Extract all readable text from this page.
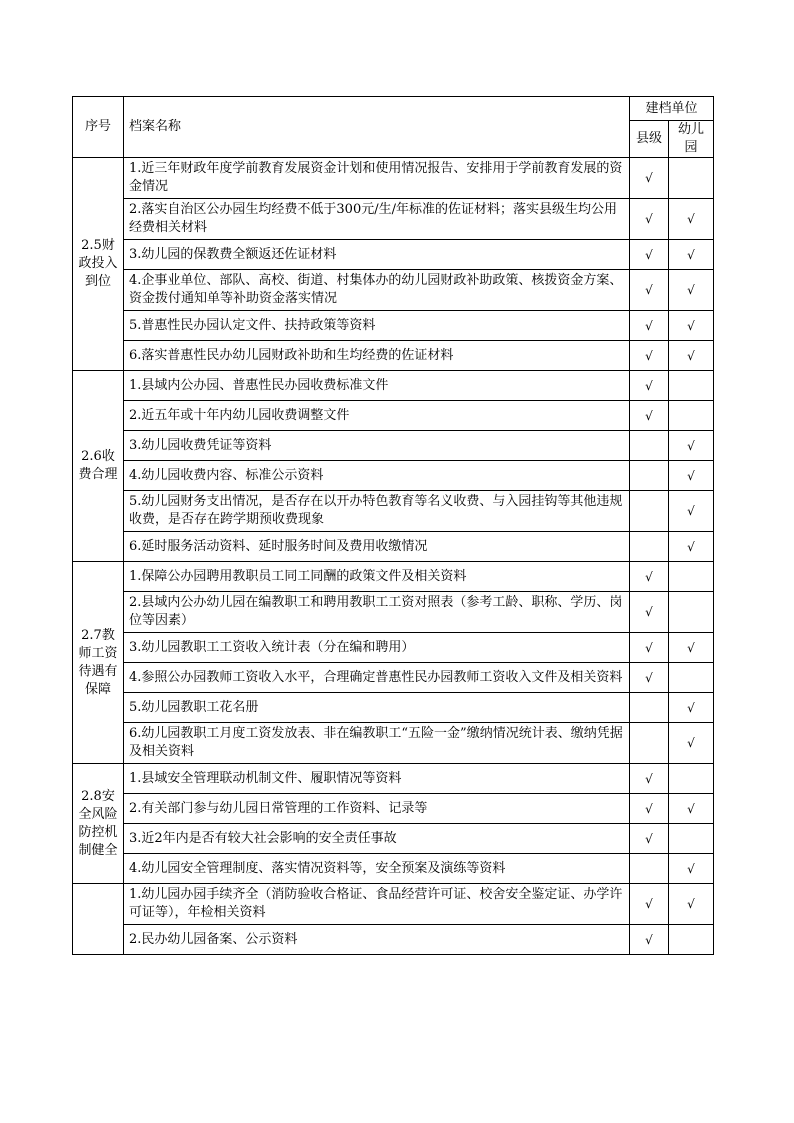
序号	档案名称	建档单位	
		县级	幼儿园
2.5财政投入到位	1.近三年财政年度学前教育发展资金计划和使用情况报告、安排用于学前教育发展的资金情况	√	
	2.落实自治区公办园生均经费不低于300元/生/年标准的佐证材料；落实县级生均公用经费相关材料	√	√
	3.幼儿园的保教费全额返还佐证材料	√	√
	4.企事业单位、部队、高校、街道、村集体办的幼儿园财政补助政策、核拨资金方案、资金拨付通知单等补助资金落实情况	√	√
	5.普惠性民办园认定文件、扶持政策等资料	√	√
	6.落实普惠性民办幼儿园财政补助和生均经费的佐证材料	√	√
2.6收费合理	1.县域内公办园、普惠性民办园收费标准文件	√	
	2.近五年或十年内幼儿园收费调整文件	√	
	3.幼儿园收费凭证等资料		√
	4.幼儿园收费内容、标准公示资料		√
	5.幼儿园财务支出情况，是否存在以开办特色教育等名义收费、与入园挂钩等其他违规收费，是否存在跨学期预收费现象		√
	6.延时服务活动资料、延时服务时间及费用收缴情况		√
2.7教师工资待遇有保障	1.保障公办园聘用教职员工同工同酬的政策文件及相关资料	√	
	2.县域内公办幼儿园在编教职工和聘用教职工工资对照表（参考工龄、职称、学历、岗位等因素）	√	
	3.幼儿园教职工工资收入统计表（分在编和聘用）	√	√
	4.参照公办园教师工资收入水平，合理确定普惠性民办园教师工资收入文件及相关资料	√	
	5.幼儿园教职工花名册		√
	6.幼儿园教职工月度工资发放表、非在编教职工“五险一金”缴纳情况统计表、缴纳凭据及相关资料		√
2.8安全风险防控机制健全	1.县域安全管理联动机制文件、履职情况等资料	√	
	2.有关部门参与幼儿园日常管理的工作资料、记录等	√	√
	3.近2年内是否有较大社会影响的安全责任事故	√	
	4.幼儿园安全管理制度、落实情况资料等，安全预案及演练等资料		√
	1.幼儿园办园手续齐全（消防验收合格证、食品经营许可证、校舍安全鉴定证、办学许可证等），年检相关资料	√	√
	2.民办幼儿园备案、公示资料	√	
